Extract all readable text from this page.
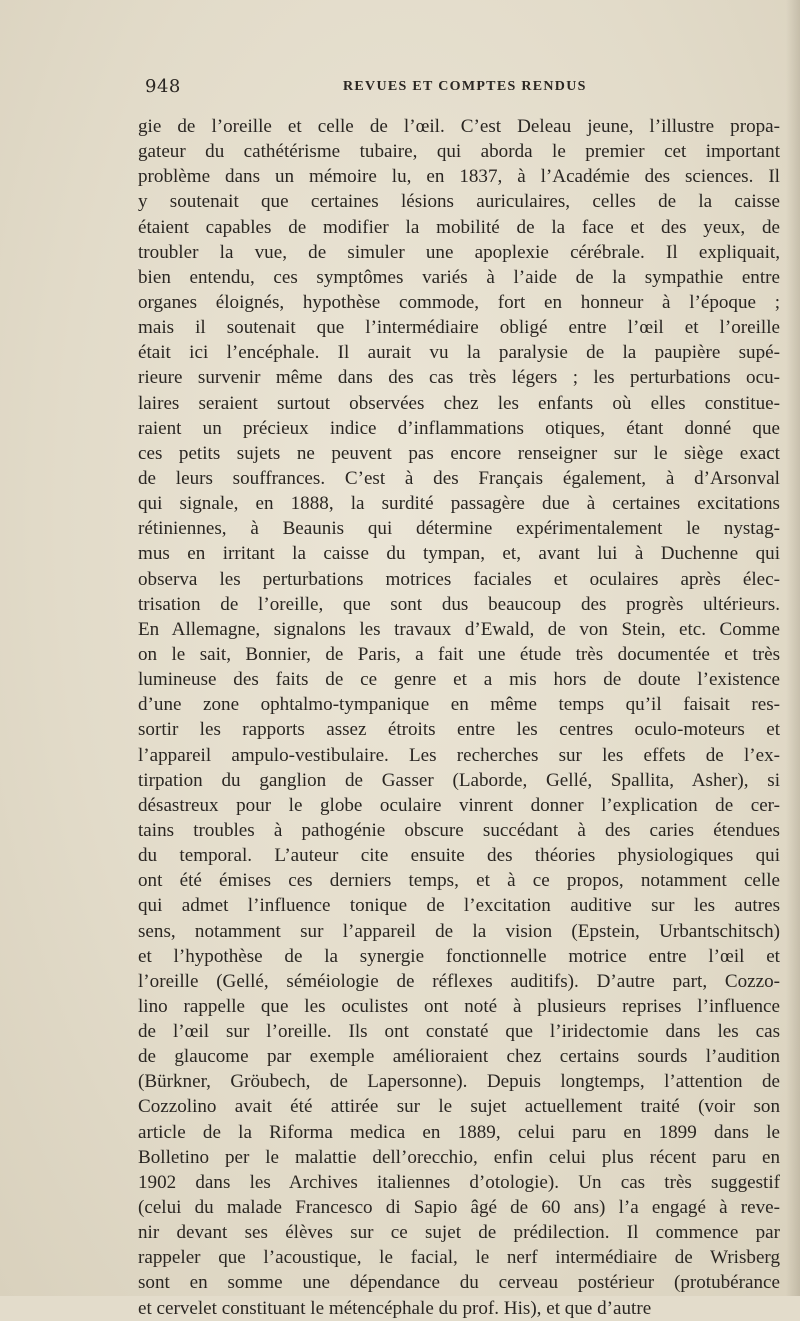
948	REVUES ET COMPTES RENDUS
gie de l’oreille et celle de l’œil. C’est Deleau jeune, l’illustre propa-
gateur du cathétérisme tubaire, qui aborda le premier cet important
problème dans un mémoire lu, en 1837, à l’Académie des sciences. Il
y soutenait que certaines lésions auriculaires, celles de la caisse
étaient capables de modifier la mobilité de la face et des yeux, de
troubler la vue, de simuler une apoplexie cérébrale. Il expliquait,
bien entendu, ces symptômes variés à l’aide de la sympathie entre
organes éloignés, hypothèse commode, fort en honneur à l’époque ;
mais il soutenait que l’intermédiaire obligé entre l’œil et l’oreille
était ici l’encéphale. Il aurait vu la paralysie de la paupière supé-
rieure survenir même dans des cas très légers ; les perturbations ocu-
laires seraient surtout observées chez les enfants où elles constitue-
raient un précieux indice d’inflammations otiques, étant donné que
ces petits sujets ne peuvent pas encore renseigner sur le siège exact
de leurs souffrances. C’est à des Français également, à d’Arsonval
qui signale, en 1888, la surdité passagère due à certaines excitations
rétiniennes, à Beaunis qui détermine expérimentalement le nystag-
mus en irritant la caisse du tympan, et, avant lui à Duchenne qui
observa les perturbations motrices faciales et oculaires après élec-
trisation de l’oreille, que sont dus beaucoup des progrès ultérieurs.
En Allemagne, signalons les travaux d’Ewald, de von Stein, etc. Comme
on le sait, Bonnier, de Paris, a fait une étude très documentée et très
lumineuse des faits de ce genre et a mis hors de doute l’existence
d’une zone ophtalmo-tympanique en même temps qu’il faisait res-
sortir les rapports assez étroits entre les centres oculo-moteurs et
l’appareil ampulo-vestibulaire. Les recherches sur les effets de l’ex-
tirpation du ganglion de Gasser (Laborde, Gellé, Spallita, Asher), si
désastreux pour le globe oculaire vinrent donner l’explication de cer-
tains troubles à pathogénie obscure succédant à des caries étendues
du temporal. L’auteur cite ensuite des théories physiologiques qui
ont été émises ces derniers temps, et à ce propos, notamment celle
qui admet l’influence tonique de l’excitation auditive sur les autres
sens, notamment sur l’appareil de la vision (Epstein, Urbantschitsch)
et l’hypothèse de la synergie fonctionnelle motrice entre l’œil et
l’oreille (Gellé, séméiologie de réflexes auditifs). D’autre part, Cozzo-
lino rappelle que les oculistes ont noté à plusieurs reprises l’influence
de l’œil sur l’oreille. Ils ont constaté que l’iridectomie dans les cas
de glaucome par exemple amélioraient chez certains sourds l’audition
(Bürkner, Gröubech, de Lapersonne). Depuis longtemps, l’attention de
Cozzolino avait été attirée sur le sujet actuellement traité (voir son
article de la Riforma medica en 1889, celui paru en 1899 dans le
Bolletino per le malattie dell’orecchio, enfin celui plus récent paru en
1902 dans les Archives italiennes d’otologie). Un cas très suggestif
(celui du malade Francesco di Sapio âgé de 60 ans) l’a engagé à reve-
nir devant ses élèves sur ce sujet de prédilection. Il commence par
rappeler que l’acoustique, le facial, le nerf intermédiaire de Wrisberg
sont en somme une dépendance du cerveau postérieur (protubérance
et cervelet constituant le métencéphale du prof. His), et que d’autre
